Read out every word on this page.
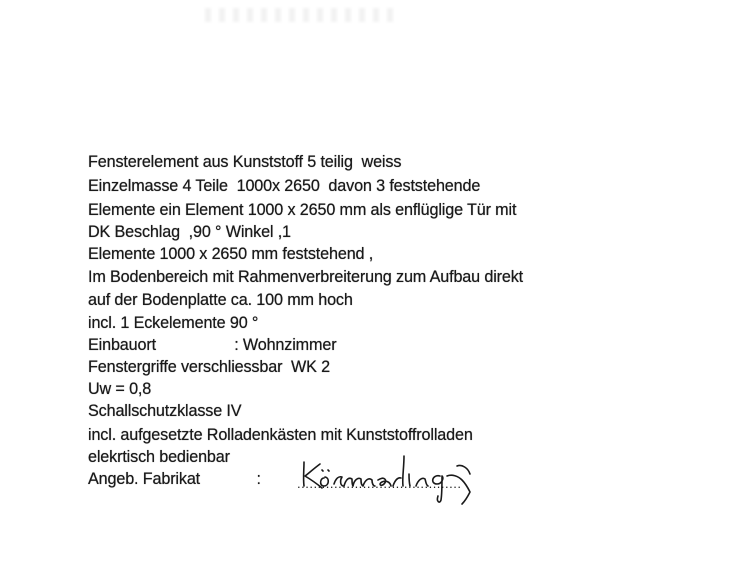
Fensterelement aus Kunststoff 5 teilig  weiss
Einzelmasse 4 Teile  1000x 2650  davon 3 feststehende
Elemente ein Element 1000 x 2650 mm als enflüglige Tür mit
DK Beschlag  ,90 ° Winkel ,1
Elemente 1000 x 2650 mm feststehend ,
Im Bodenbereich mit Rahmenverbreiterung zum Aufbau direkt
auf der Bodenplatte ca. 100 mm hoch
incl. 1 Eckelemente 90 °
Einbauort                  : Wohnzimmer
Fenstergriffe verschliessbar  WK 2
Uw = 0,8
Schallschutzklasse IV
incl. aufgesetzte Rolladenkästen mit Kunststoffrolladen
elekrtisch bedienbar
Angeb. Fabrikat             :	........................................
